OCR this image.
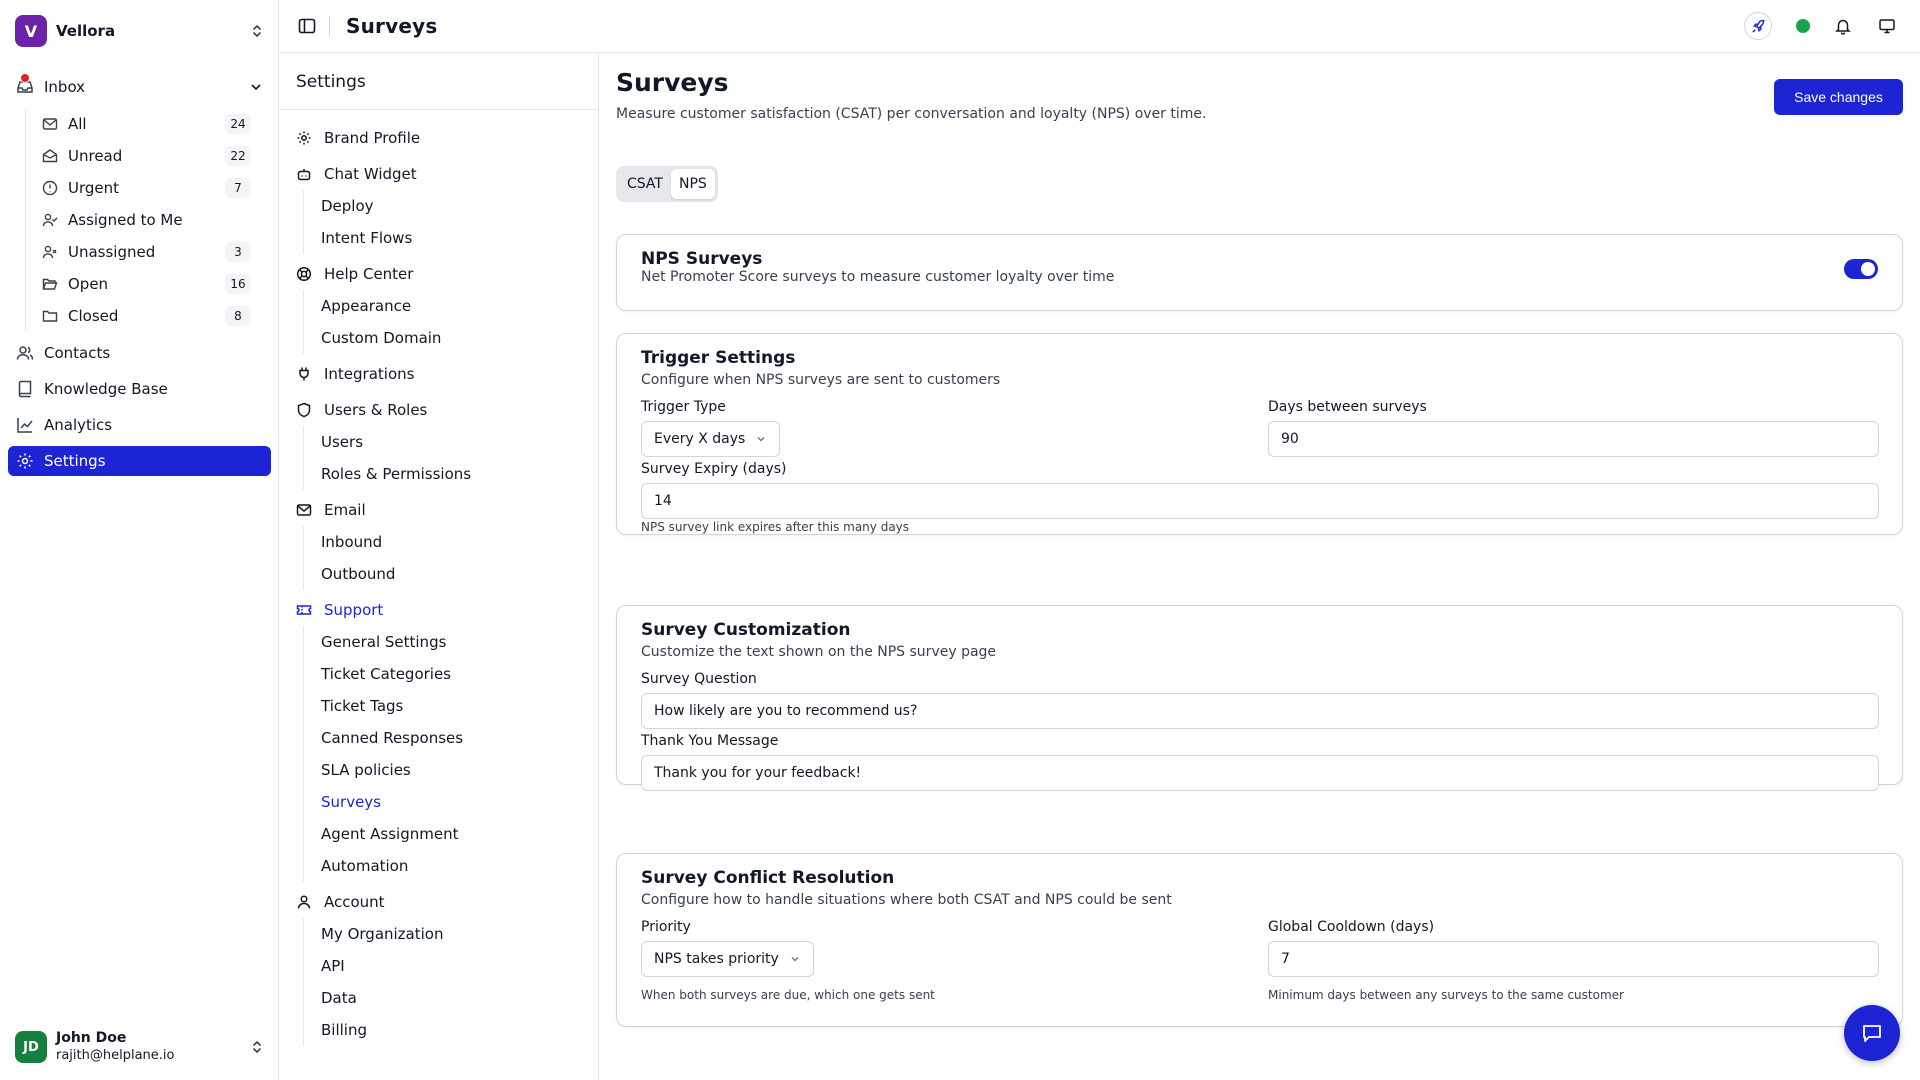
V	Vellora
Inbox
All	24
Unread	22
Urgent	7
Assigned to Me
Unassigned	3
Open	16
Closed	8
Contacts
Knowledge Base
Analytics
Settings
JD
John Doe
rajith@helplane.io
Surveys
Settings
Brand Profile
Chat Widget
Deploy
Intent Flows
Help Center
Appearance
Custom Domain
Integrations
Users & Roles
Users
Roles & Permissions
Email
Inbound
Outbound
Support
General Settings
Ticket Categories
Ticket Tags
Canned Responses
SLA policies
Surveys
Agent Assignment
Automation
Account
My Organization
API
Data
Billing
Surveys

Measure customer satisfaction (CSAT) per conversation and loyalty (NPS) over time.

Save changes
CSAT	NPS
NPS Surveys
Net Promoter Score surveys to measure customer loyalty over time
Trigger Settings
Configure when NPS surveys are sent to customers
Trigger Type
Every X days
Days between surveys
90
Survey Expiry (days)
14
NPS survey link expires after this many days
Survey Customization
Customize the text shown on the NPS survey page
Survey Question
How likely are you to recommend us?
Thank You Message
Thank you for your feedback!
Survey Conflict Resolution
Configure how to handle situations where both CSAT and NPS could be sent
Priority
NPS takes priority
When both surveys are due, which one gets sent
Global Cooldown (days)
7
Minimum days between any surveys to the same customer
